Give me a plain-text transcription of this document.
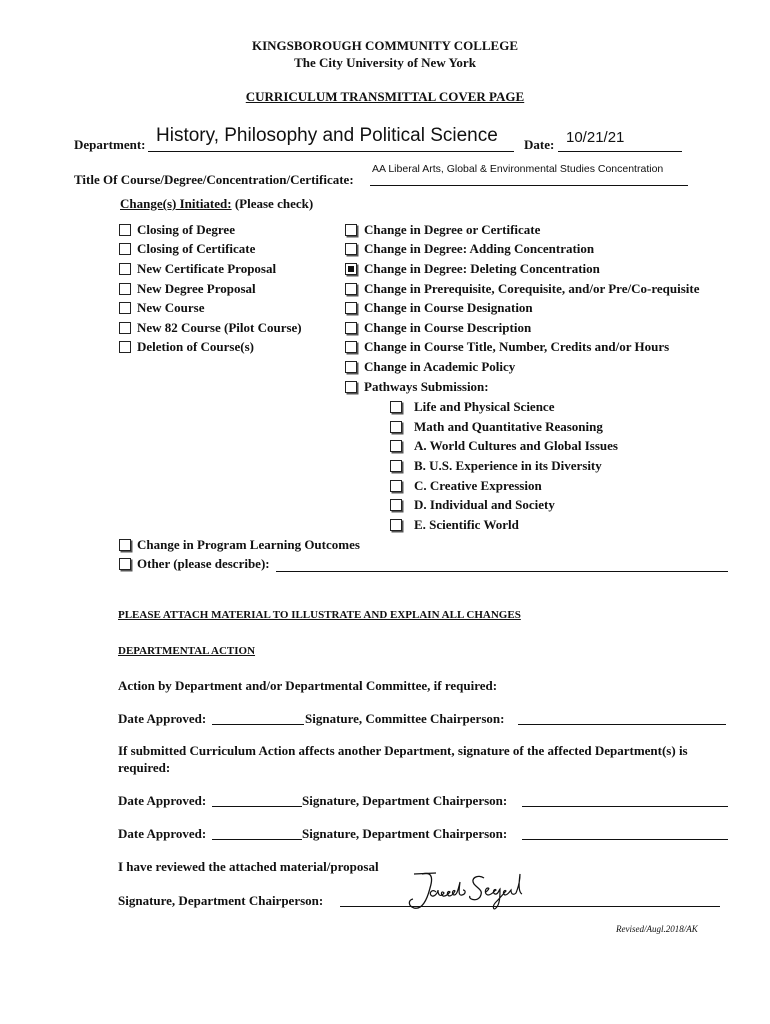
KINGSBOROUGH COMMUNITY COLLEGE
The City University of New York
CURRICULUM TRANSMITTAL COVER PAGE
Department: History, Philosophy and Political Science Date: 10/21/21
Title Of Course/Degree/Concentration/Certificate:
AA Liberal Arts, Global & Environmental Studies Concentration
Change(s) Initiated: (Please check)
Closing of Degree
Closing of Certificate
New Certificate Proposal
New Degree Proposal
New Course
New 82 Course (Pilot Course)
Deletion of Course(s)
Change in Degree or Certificate
Change in Degree: Adding Concentration
Change in Degree: Deleting Concentration
Change in Prerequisite, Corequisite, and/or Pre/Co-requisite
Change in Course Designation
Change in Course Description
Change in Course Title, Number, Credits and/or Hours
Change in Academic Policy
Pathways Submission:
Life and Physical Science
Math and Quantitative Reasoning
A. World Cultures and Global Issues
B. U.S. Experience in its Diversity
C. Creative Expression
D. Individual and Society
E. Scientific World
Change in Program Learning Outcomes
Other (please describe):
PLEASE ATTACH MATERIAL TO ILLUSTRATE AND EXPLAIN ALL CHANGES
DEPARTMENTAL ACTION
Action by Department and/or Departmental Committee, if required:
Date Approved:	Signature, Committee Chairperson:
If submitted Curriculum Action affects another Department, signature of the affected Department(s) is required:
Date Approved:	Signature, Department Chairperson:
Date Approved:	Signature, Department Chairperson:
I have reviewed the attached material/proposal
Signature, Department Chairperson:
Revised/Augl.2018/AK
